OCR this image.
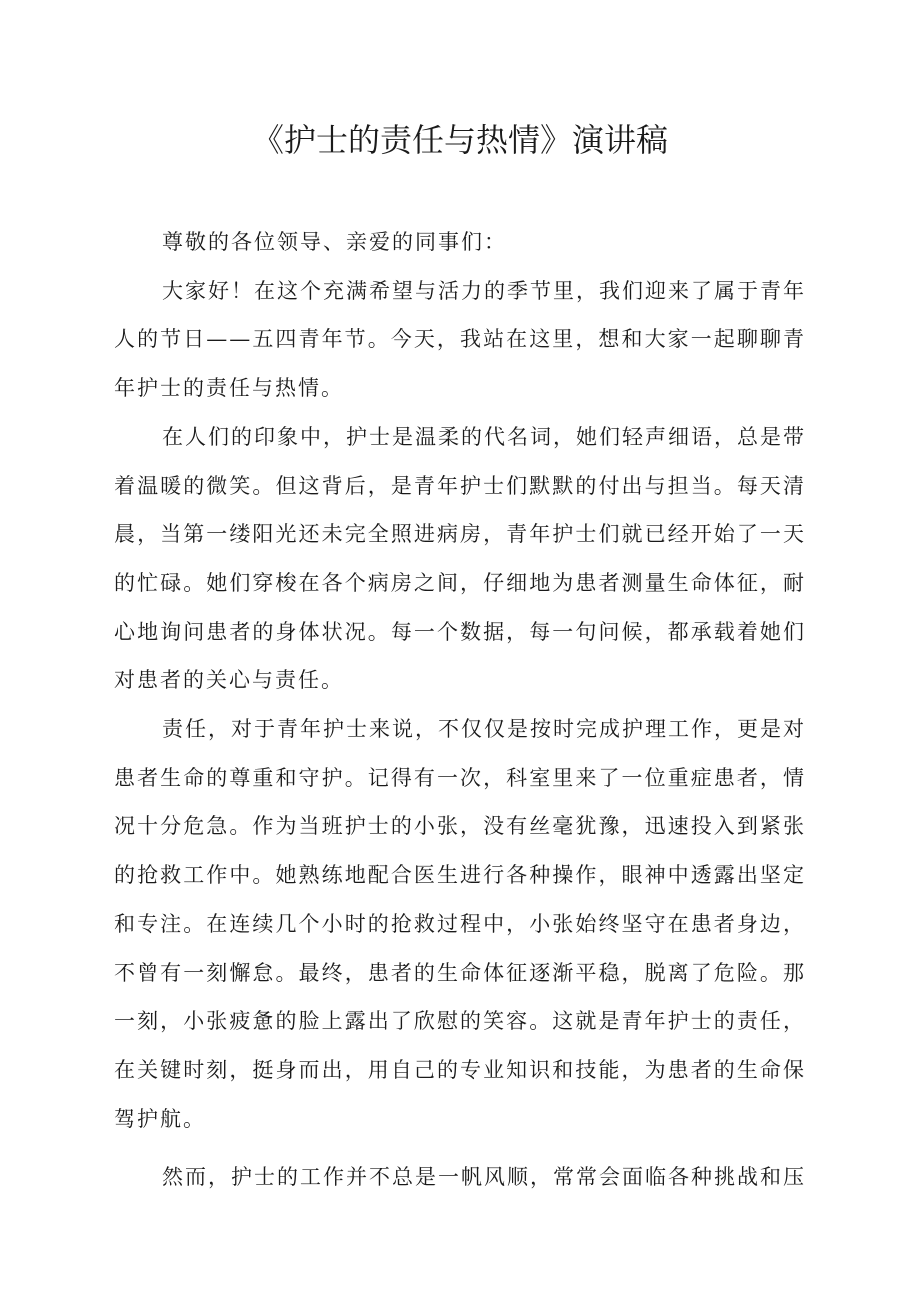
《护士的责任与热情》演讲稿

尊敬的各位领导、亲爱的同事们：

大家好！在这个充满希望与活力的季节里，我们迎来了属于青年人的节日——五四青年节。今天，我站在这里，想和大家一起聊聊青年护士的责任与热情。

在人们的印象中，护士是温柔的代名词，她们轻声细语，总是带着温暖的微笑。但这背后，是青年护士们默默的付出与担当。每天清晨，当第一缕阳光还未完全照进病房，青年护士们就已经开始了一天的忙碌。她们穿梭在各个病房之间，仔细地为患者测量生命体征，耐心地询问患者的身体状况。每一个数据，每一句问候，都承载着她们对患者的关心与责任。

责任，对于青年护士来说，不仅仅是按时完成护理工作，更是对患者生命的尊重和守护。记得有一次，科室里来了一位重症患者，情况十分危急。作为当班护士的小张，没有丝毫犹豫，迅速投入到紧张的抢救工作中。她熟练地配合医生进行各种操作，眼神中透露出坚定和专注。在连续几个小时的抢救过程中，小张始终坚守在患者身边，不曾有一刻懈怠。最终，患者的生命体征逐渐平稳，脱离了危险。那一刻，小张疲惫的脸上露出了欣慰的笑容。这就是青年护士的责任，在关键时刻，挺身而出，用自己的专业知识和技能，为患者的生命保驾护航。

然而，护士的工作并不总是一帆风顺，常常会面临各种挑战和压
